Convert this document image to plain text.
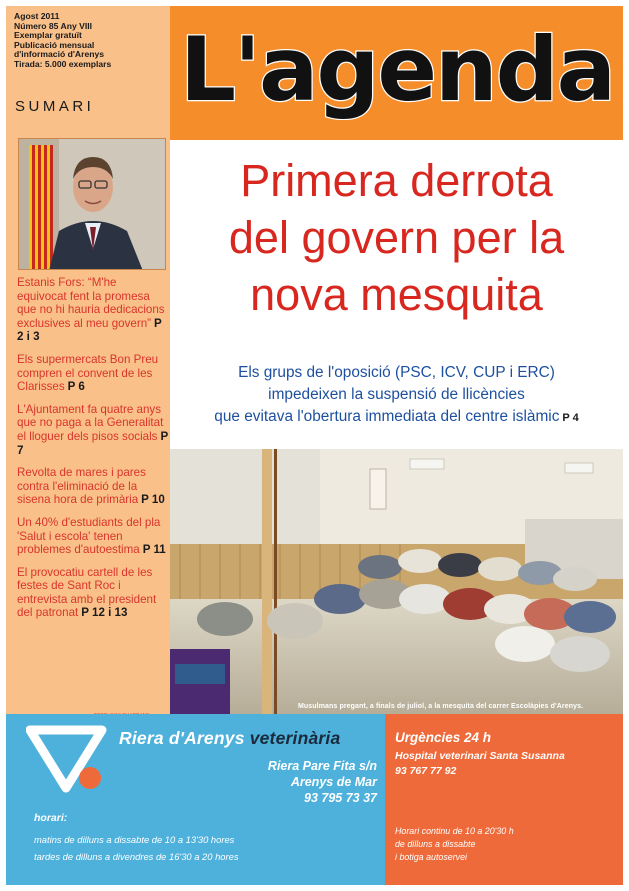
Agost 2011
Número 85 Any VIII
Exemplar gratuït
Publicació mensual
d'informació d'Arenys
Tirada: 5.000 exemplars
SUMARI
Estanis Fors: “M'he equivocat fent la promesa que no hi hauria dedicacions exclusives al meu govern” P 2 i 3
Els supermercats Bon Preu compren el convent de les Clarisses P 6
L'Ajuntament fa quatre anys que no paga a la Generalitat el lloguer dels pisos socials P 7
Revolta de mares i pares contra l'eliminació de la sisena hora de primària P 10
Un 40% d'estudiants del pla 'Salut i escola' tenen problemes d'autoestima P 11
El provocatiu cartell de les festes de Sant Roc i entrevista amb el president del patronat P 12 i 13
L'agenda
Primera derrota
del govern per la
nova mesquita
Els grups de l'oposició (PSC, ICV, CUP i ERC)
impedeixen la suspensió de llicències
que evitava l'obertura immediata del centre islàmic P 4
Musulmans pregant, a finals de juliol, a la mesquita del carrer Escolàpies d'Arenys.
Riera d'Arenys veterinària
Riera Pare Fita s/n
Arenys de Mar
93 795 73 37
horari:
matins de dilluns a dissabte de 10 a 13'30 hores
tardes de dilluns a divendres de 16'30 a 20 hores
Urgències 24 h
Hospital veterinari Santa Susanna
93 767 77 92
Horari continu de 10 a 20'30 h
de dilluns a dissabte
i botiga autoservei
